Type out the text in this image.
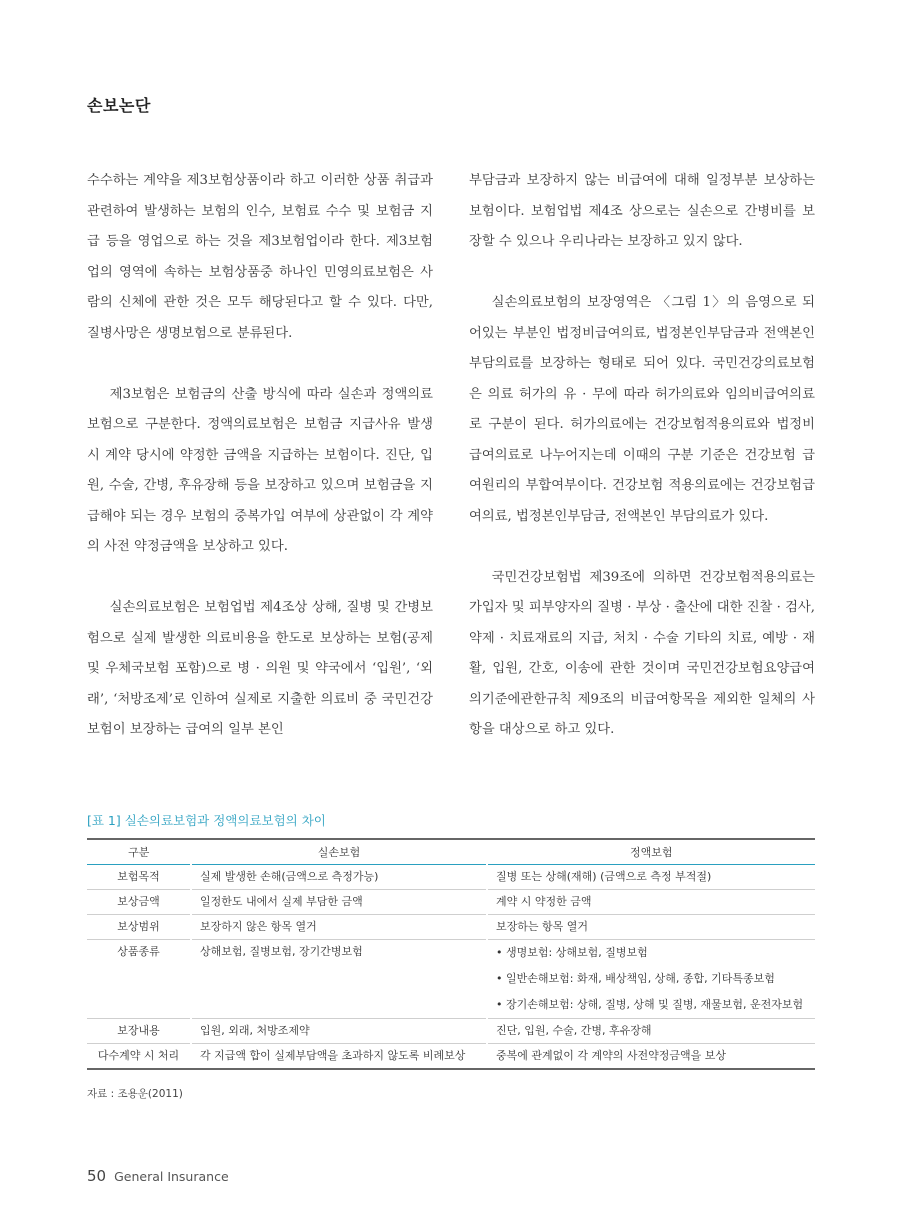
손보논단

수수하는 계약을 제3보험상품이라 하고 이러한 상품 취급과 관련하여 발생하는 보험의 인수, 보험료 수수 및 보험금 지급 등을 영업으로 하는 것을 제3보험업이라 한다. 제3보험업의 영역에 속하는 보험상품중 하나인 민영의료보험은 사람의 신체에 관한 것은 모두 해당된다고 할 수 있다. 다만, 질병사망은 생명보험으로 분류된다.

제3보험은 보험금의 산출 방식에 따라 실손과 정액의료보험으로 구분한다. 정액의료보험은 보험금 지급사유 발생 시 계약 당시에 약정한 금액을 지급하는 보험이다. 진단, 입원, 수술, 간병, 후유장해 등을 보장하고 있으며 보험금을 지급해야 되는 경우 보험의 중복가입 여부에 상관없이 각 계약의 사전 약정금액을 보상하고 있다.

실손의료보험은 보험업법 제4조상 상해, 질병 및 간병보험으로 실제 발생한 의료비용을 한도로 보상하는 보험(공제 및 우체국보험 포함)으로 병 · 의원 및 약국에서 ‘입원’, ‘외래’, ‘처방조제’로 인하여 실제로 지출한 의료비 중 국민건강보험이 보장하는 급여의 일부 본인

부담금과 보장하지 않는 비급여에 대해 일정부분 보상하는 보험이다. 보험업법 제4조 상으로는 실손으로 간병비를 보장할 수 있으나 우리나라는 보장하고 있지 않다.

실손의료보험의 보장영역은 〈그림 1〉의 음영으로 되어있는 부분인 법정비급여의료, 법정본인부담금과 전액본인부담의료를 보장하는 형태로 되어 있다. 국민건강의료보험은 의료 허가의 유 · 무에 따라 허가의료와 임의비급여의료로 구분이 된다. 허가의료에는 건강보험적용의료와 법정비급여의료로 나누어지는데 이때의 구분 기준은 건강보험 급여원리의 부합여부이다. 건강보험 적용의료에는 건강보험급여의료, 법정본인부담금, 전액본인 부담의료가 있다.

국민건강보험법 제39조에 의하면 건강보험적용의료는 가입자 및 피부양자의 질병 · 부상 · 출산에 대한 진찰 · 검사, 약제 · 치료재료의 지급, 처치 · 수술 기타의 치료, 예방 · 재활, 입원, 간호, 이송에 관한 것이며 국민건강보험요양급여의기준에관한규칙 제9조의 비급여항목을 제외한 일체의 사항을 대상으로 하고 있다.

[표 1] 실손의료보험과 정액의료보험의 차이
구분	실손보험	정액보험
보험목적	실제 발생한 손해(금액으로 측정가능)	질병 또는 상해(재해) (금액으로 측정 부적절)
보상금액	일정한도 내에서 실제 부담한 금액	계약 시 약정한 금액
보상범위	보장하지 않은 항목 열거	보장하는 항목 열거
상품종류	상해보험, 질병보험, 장기간병보험	• 생명보험: 상해보험, 질병보험
• 일반손해보험: 화재, 배상책임, 상해, 종합, 기타특종보험
• 장기손해보험: 상해, 질병, 상해 및 질병, 재물보험, 운전자보험

보장내용	입원, 외래, 처방조제약	진단, 입원, 수술, 간병, 후유장해
다수계약 시 처리	각 지급액 합이 실제부담액을 초과하지 않도록 비례보상	중복에 관계없이 각 계약의 사전약정금액을 보상
자료 : 조용운(2011)
50 General Insurance
